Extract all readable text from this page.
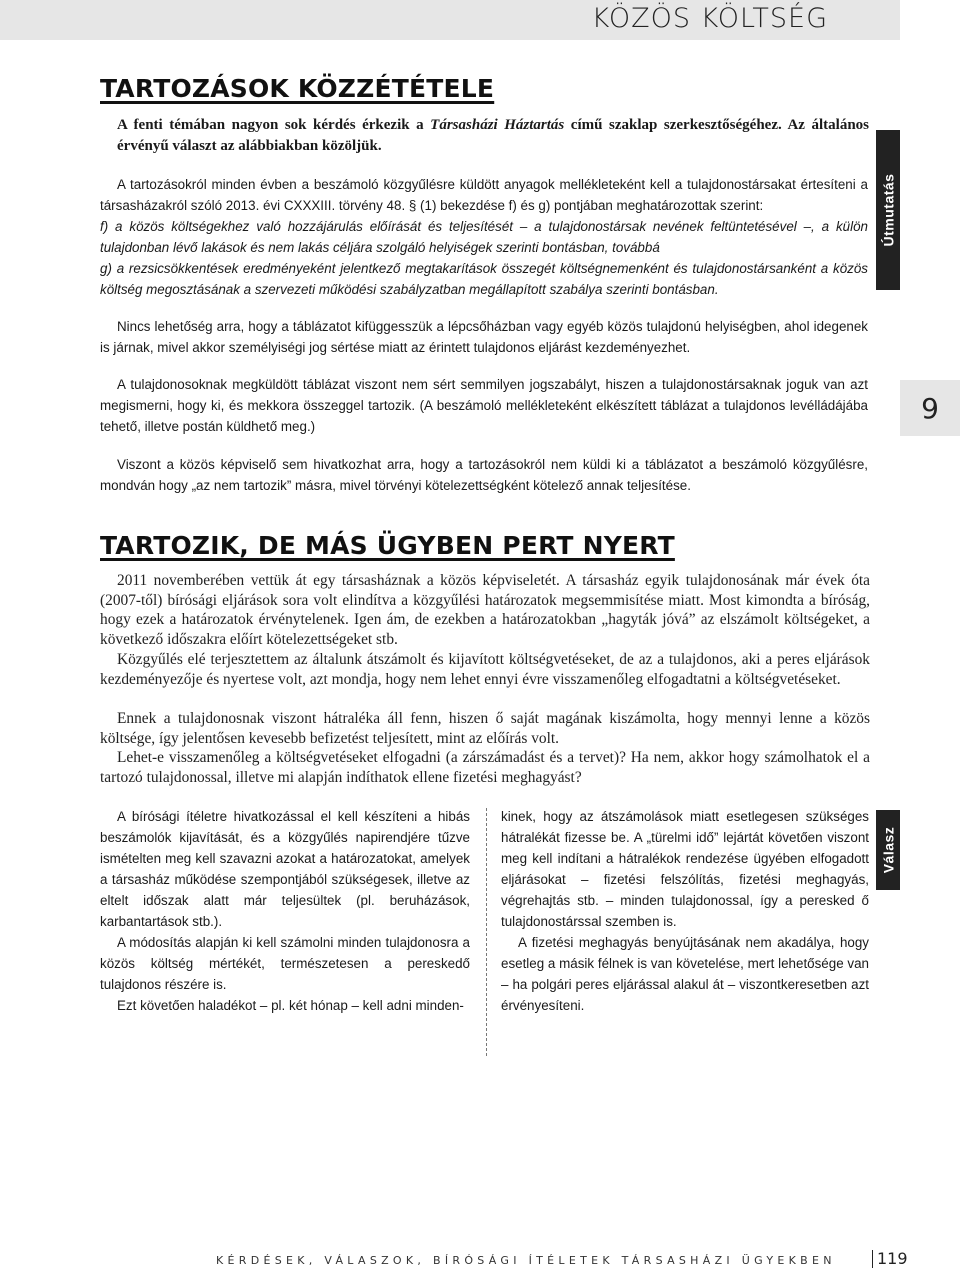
KÖZÖS KÖLTSÉG
Útmutatás
9
TARTOZÁSOK KÖZZÉTÉTELE

A fenti témában nagyon sok kérdés érkezik a Társasházi Háztartás című szaklap szerkesztőségéhez. Az általános érvényű választ az alábbiakban közöljük.

A tartozásokról minden évben a beszámoló közgyűlésre küldött anyagok mellékleteként kell a tulajdonostársakat értesíteni a társasházakról szóló 2013. évi CXXXIII. törvény 48. § (1) bekezdése f) és g) pontjában meghatározottak szerint:

f) a közös költségekhez való hozzájárulás előírását és teljesítését – a tulajdonostársak nevének feltüntetésével –, a külön tulajdonban lévő lakások és nem lakás céljára szolgáló helyiségek szerinti bontásban, továbbá

g) a rezsicsökkentések eredményeként jelentkező megtakarítások összegét költségnemenként és tulajdonostársanként a közös költség megosztásának a szervezeti működési szabályzatban megállapított szabálya szerinti bontásban.

Nincs lehetőség arra, hogy a táblázatot kifüggesszük a lépcsőházban vagy egyéb közös tulajdonú helyiségben, ahol idegenek is járnak, mivel akkor személyiségi jog sértése miatt az érintett tulajdonos eljárást kezdeményezhet.

A tulajdonosoknak megküldött táblázat viszont nem sért semmilyen jogszabályt, hiszen a tulajdonostársaknak joguk van azt megismerni, hogy ki, és mekkora összeggel tartozik. (A beszámoló mellékleteként elkészített táblázat a tulajdonos levélládájába tehető, illetve postán küldhető meg.)

Viszont a közös képviselő sem hivatkozhat arra, hogy a tartozásokról nem küldi ki a táblázatot a beszámoló közgyűlésre, mondván hogy „az nem tartozik” másra, mivel törvényi kötelezettségként kötelező annak teljesítése.

TARTOZIK, DE MÁS ÜGYBEN PERT NYERT

2011 novemberében vettük át egy társasháznak a közös képviseletét. A társasház egyik tulajdonosának már évek óta (2007-től) bírósági eljárások sora volt elindítva a közgyűlési határozatok megsemmisítése miatt. Most kimondta a bíróság, hogy ezek a határozatok érvénytelenek. Igen ám, de ezekben a határozatokban „hagyták jóvá” az elszámolt költségeket, a következő időszakra előírt kötelezettségeket stb.

Közgyűlés elé terjesztettem az általunk átszámolt és kijavított költségvetéseket, de az a tulajdonos, aki a peres eljárások kezdeményezője és nyertese volt, azt mondja, hogy nem lehet ennyi évre visszamenőleg elfogadtatni a költségvetéseket.

Ennek a tulajdonosnak viszont hátraléka áll fenn, hiszen ő saját magának kiszámolta, hogy mennyi lenne a közös költsége, így jelentősen kevesebb befizetést teljesített, mint az előírás volt.

Lehet-e visszamenőleg a költségvetéseket elfogadni (a zárszámadást és a tervet)? Ha nem, akkor hogy számolhatok el a tartozó tulajdonossal, illetve mi alapján indíthatok ellene fizetési meghagyást?

Válasz

A bírósági ítéletre hivatkozással el kell készíteni a hibás beszámolók kijavítását, és a közgyűlés napirendjére tűzve ismételten meg kell szavazni azokat a határozatokat, amelyek a társasház működése szempontjából szükségesek, illetve az eltelt időszak alatt már teljesültek (pl. beruházások, karbantartások stb.).

A módosítás alapján ki kell számolni minden tulajdonosra a közös költség mértékét, természetesen a pereskedő tulajdonos részére is.

Ezt követően haladékot – pl. két hónap – kell adni minden-

kinek, hogy az átszámolások miatt esetlegesen szükséges hátralékát fizesse be. A „türelmi idő” lejártát követően viszont meg kell indítani a hátralékok rendezése ügyében elfogadott eljárásokat – fizetési felszólítás, fizetési meghagyás, végrehajtás stb. – minden tulajdonossal, így a peresked ő tulajdonostárssal szemben is.

A fizetési meghagyás benyújtásának nem akadálya, hogy esetleg a másik félnek is van követelése, mert lehetősége van – ha polgári peres eljárással alakul át – viszontkeresetben azt érvényesíteni.

KÉRDÉSEK, VÁLASZOK, BÍRÓSÁGI ÍTÉLETEK TÁRSASHÁZI ÜGYEKBEN	119
